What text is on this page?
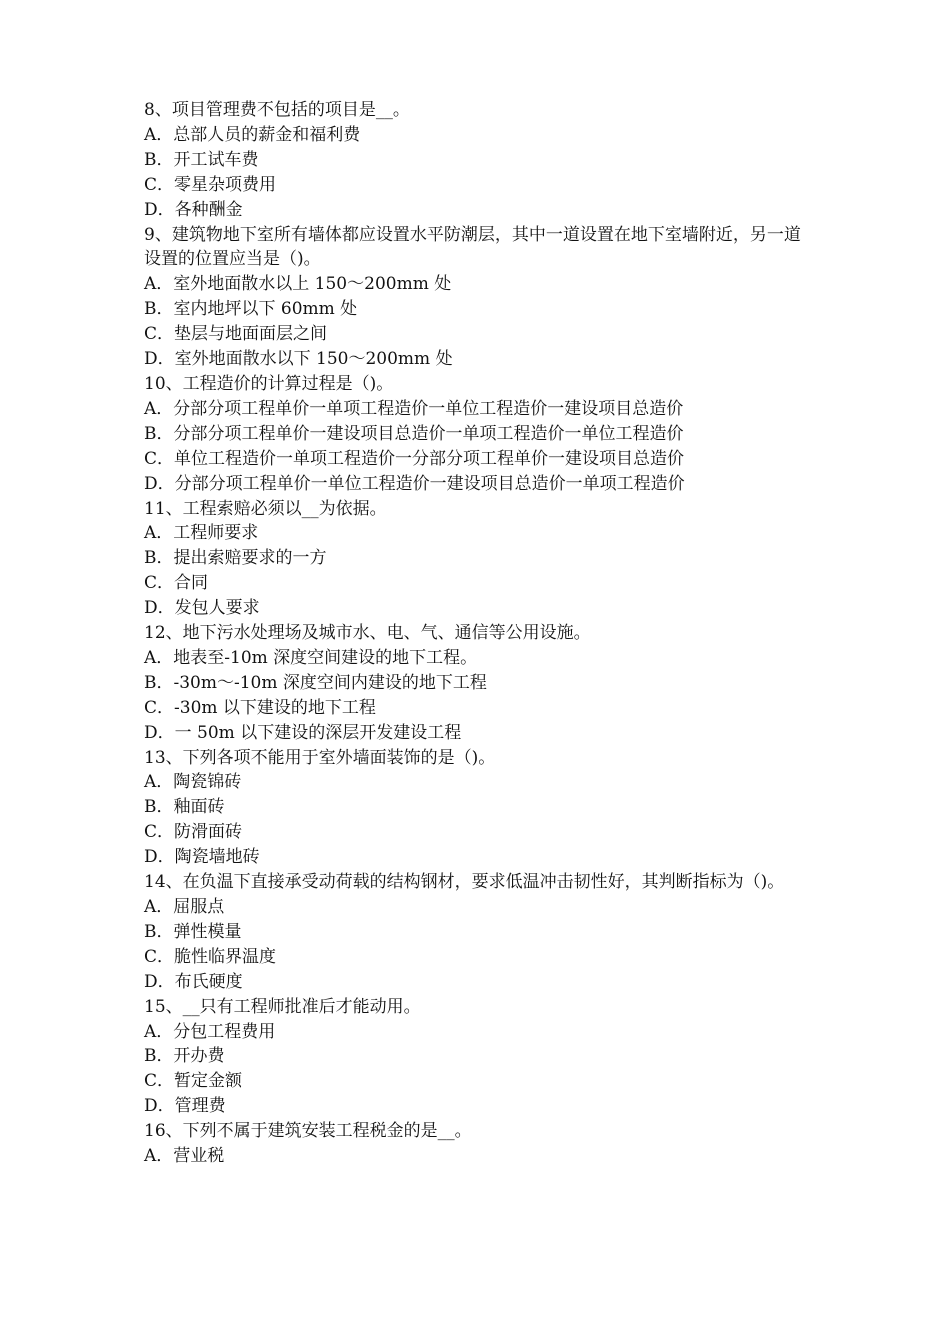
8、项目管理费不包括的项目是__。
A．总部人员的薪金和福利费
B．开工试车费
C．零星杂项费用
D．各种酬金
9、建筑物地下室所有墙体都应设置水平防潮层，其中一道设置在地下室墙附近，另一道设置的位置应当是（)。
A．室外地面散水以上 150～200mm 处
B．室内地坪以下 60mm 处
C．垫层与地面面层之间
D．室外地面散水以下 150～200mm 处
10、工程造价的计算过程是（)。
A．分部分项工程单价一单项工程造价一单位工程造价一建设项目总造价
B．分部分项工程单价一建设项目总造价一单项工程造价一单位工程造价
C．单位工程造价一单项工程造价一分部分项工程单价一建设项目总造价
D．分部分项工程单价一单位工程造价一建设项目总造价一单项工程造价
11、工程索赔必须以__为依据。
A．工程师要求
B．提出索赔要求的一方
C．合同
D．发包人要求
12、地下污水处理场及城市水、电、气、通信等公用设施。
A．地表至-10m 深度空间建设的地下工程。
B．-30m～-10m 深度空间内建设的地下工程
C．-30m 以下建设的地下工程
D．一 50m 以下建设的深层开发建设工程
13、下列各项不能用于室外墙面装饰的是（)。
A．陶瓷锦砖
B．釉面砖
C．防滑面砖
D．陶瓷墙地砖
14、在负温下直接承受动荷载的结构钢材，要求低温冲击韧性好，其判断指标为（)。
A．屈服点
B．弹性模量
C．脆性临界温度
D．布氏硬度
15、__只有工程师批准后才能动用。
A．分包工程费用
B．开办费
C．暂定金额
D．管理费
16、下列不属于建筑安装工程税金的是__。
A．营业税
